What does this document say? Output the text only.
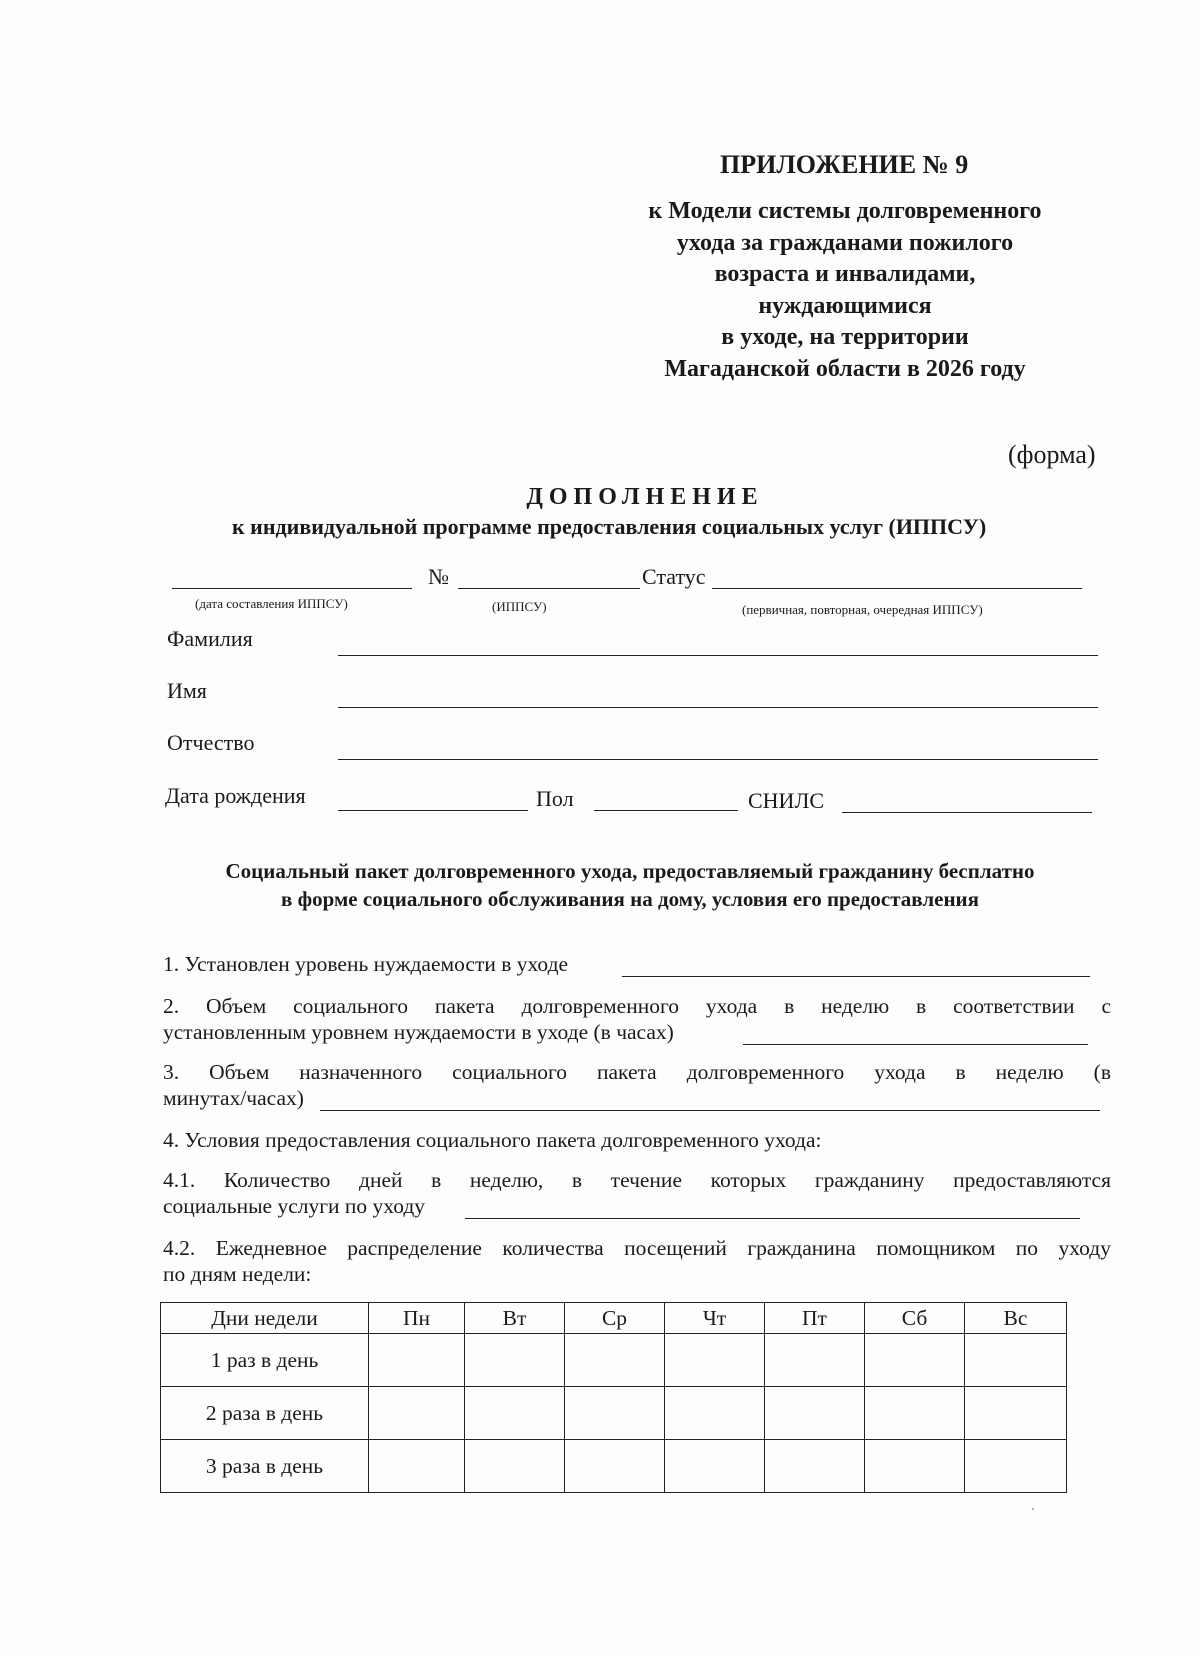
ПРИЛОЖЕНИЕ № 9
к Модели системы долговременного
ухода за гражданами пожилого
возраста и инвалидами,
нуждающимися
в уходе, на территории
Магаданской области в 2026 году
(форма)
ДОПОЛНЕНИЕ
к индивидуальной программе предоставления социальных услуг (ИППСУ)
№	Статус
(дата составления ИППСУ)	(ИППСУ)	(первичная, повторная, очередная ИППСУ)
Фамилия
Имя
Отчество
Дата рождения	Пол	СНИЛС
Социальный пакет долговременного ухода, предоставляемый гражданину бесплатно
в форме социального обслуживания на дому, условия его предоставления
1. Установлен уровень нуждаемости в уходе
2. Объем социального пакета долговременного ухода в неделю в соответствии с
установленным уровнем нуждаемости в уходе (в часах)
3. Объем назначенного социального пакета долговременного ухода в неделю (в
минутах/часах)
4. Условия предоставления социального пакета долговременного ухода:
4.1. Количество дней в неделю, в течение которых гражданину предоставляются
социальные услуги по уходу
4.2. Ежедневное распределение количества посещений гражданина помощником по уходу
по дням недели:
Дни недели	Пн	Вт	Ср	Чт	Пт	Сб	Вс
1 раз в день							
2 раза в день							
3 раза в день							
